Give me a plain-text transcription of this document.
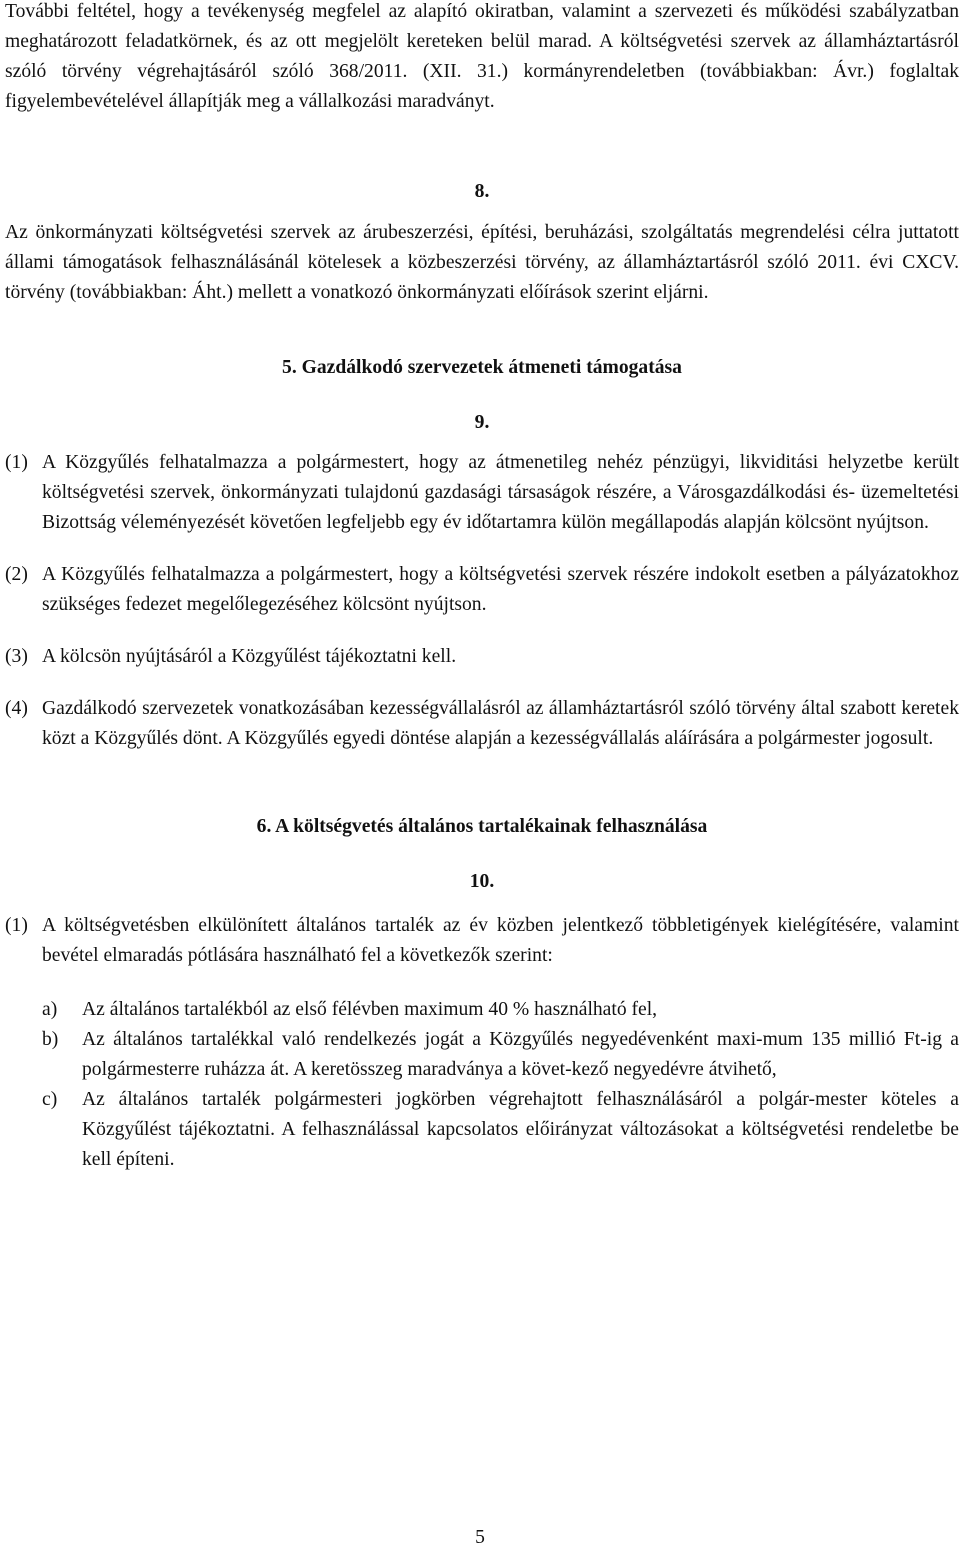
További feltétel, hogy a tevékenység megfelel az alapító okiratban, valamint a szervezeti és működési szabályzatban meghatározott feladatkörnek, és az ott megjelölt kereteken belül marad. A költségvetési szervek az államháztartásról szóló törvény végrehajtásáról szóló 368/2011. (XII. 31.) kormányrendeletben (továbbiakban: Ávr.) foglaltak figyelembevételével állapítják meg a vállalkozási maradványt.

8.

Az önkormányzati költségvetési szervek az árubeszerzési, építési, beruházási, szolgáltatás megrendelési célra juttatott állami támogatások felhasználásánál kötelesek a közbeszerzési törvény, az államháztartásról szóló 2011. évi CXCV. törvény (továbbiakban: Áht.) mellett a vonatkozó önkormányzati előírások szerint eljárni.

5. Gazdálkodó szervezetek átmeneti támogatása
9.
(1) A Közgyűlés felhatalmazza a polgármestert, hogy az átmenetileg nehéz pénzügyi, likviditási helyzetbe került költségvetési szervek, önkormányzati tulajdonú gazdasági társaságok részére, a Városgazdálkodási és- üzemeltetési Bizottság véleményezését követően legfeljebb egy év időtartamra külön megállapodás alapján kölcsönt nyújtson.
(2) A Közgyűlés felhatalmazza a polgármestert, hogy a költségvetési szervek részére indokolt esetben a pályázatokhoz szükséges fedezet megelőlegezéséhez kölcsönt nyújtson.
(3) A kölcsön nyújtásáról a Közgyűlést tájékoztatni kell.
(4) Gazdálkodó szervezetek vonatkozásában kezességvállalásról az államháztartásról szóló törvény által szabott keretek közt a Közgyűlés dönt. A Közgyűlés egyedi döntése alapján a kezességvállalás aláírására a polgármester jogosult.
6. A költségvetés általános tartalékainak felhasználása
10.
(1) A költségvetésben elkülönített általános tartalék az év közben jelentkező többletigények kielégítésére, valamint bevétel elmaradás pótlására használható fel a következők szerint:
a)	Az általános tartalékból az első félévben maximum 40 % használható fel,
b)	Az általános tartalékkal való rendelkezés jogát a Közgyűlés negyedévenként maxi-mum 135 millió Ft-ig a polgármesterre ruházza át. A keretösszeg maradványa a követ-kező negyedévre átvihető,
c)	Az általános tartalék polgármesteri jogkörben végrehajtott felhasználásáról a polgár-mester köteles a Közgyűlést tájékoztatni. A felhasználással kapcsolatos előirányzat változásokat a költségvetési rendeletbe be kell építeni.
5
